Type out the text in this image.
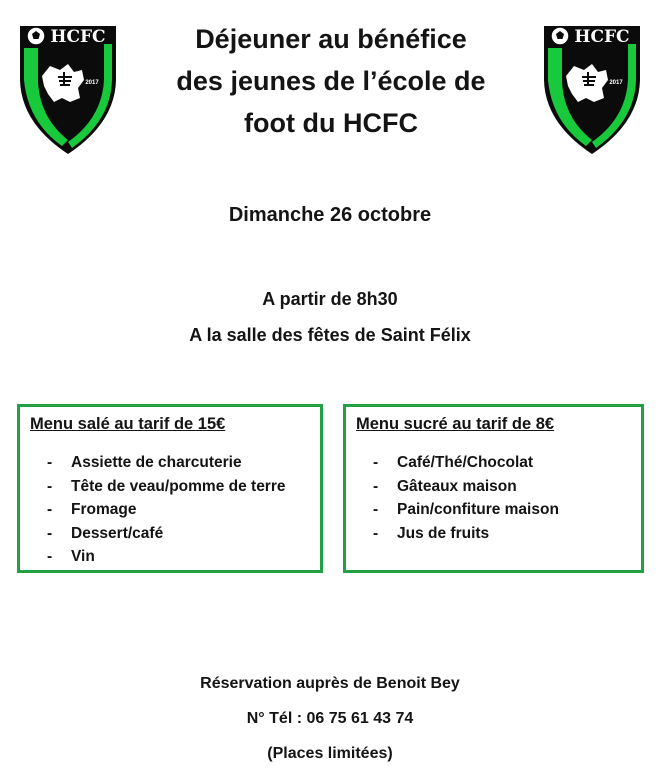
HCFC
2017
HCFC
2017
Déjeuner au bénéfice
des jeunes de l’école de
foot du HCFC

Dimanche 26 octobre

A partir de 8h30

A la salle des fêtes de Saint Félix

Menu salé au tarif de 15€

- Assiette de charcuterie
- Tête de veau/pomme de terre
- Fromage
- Dessert/café
- Vin

Menu sucré au tarif de 8€

- Café/Thé/Chocolat
- Gâteaux maison
- Pain/confiture maison
- Jus de fruits

Réservation auprès de Benoit Bey

N° Tél : 06 75 61 43 74

(Places limitées)
